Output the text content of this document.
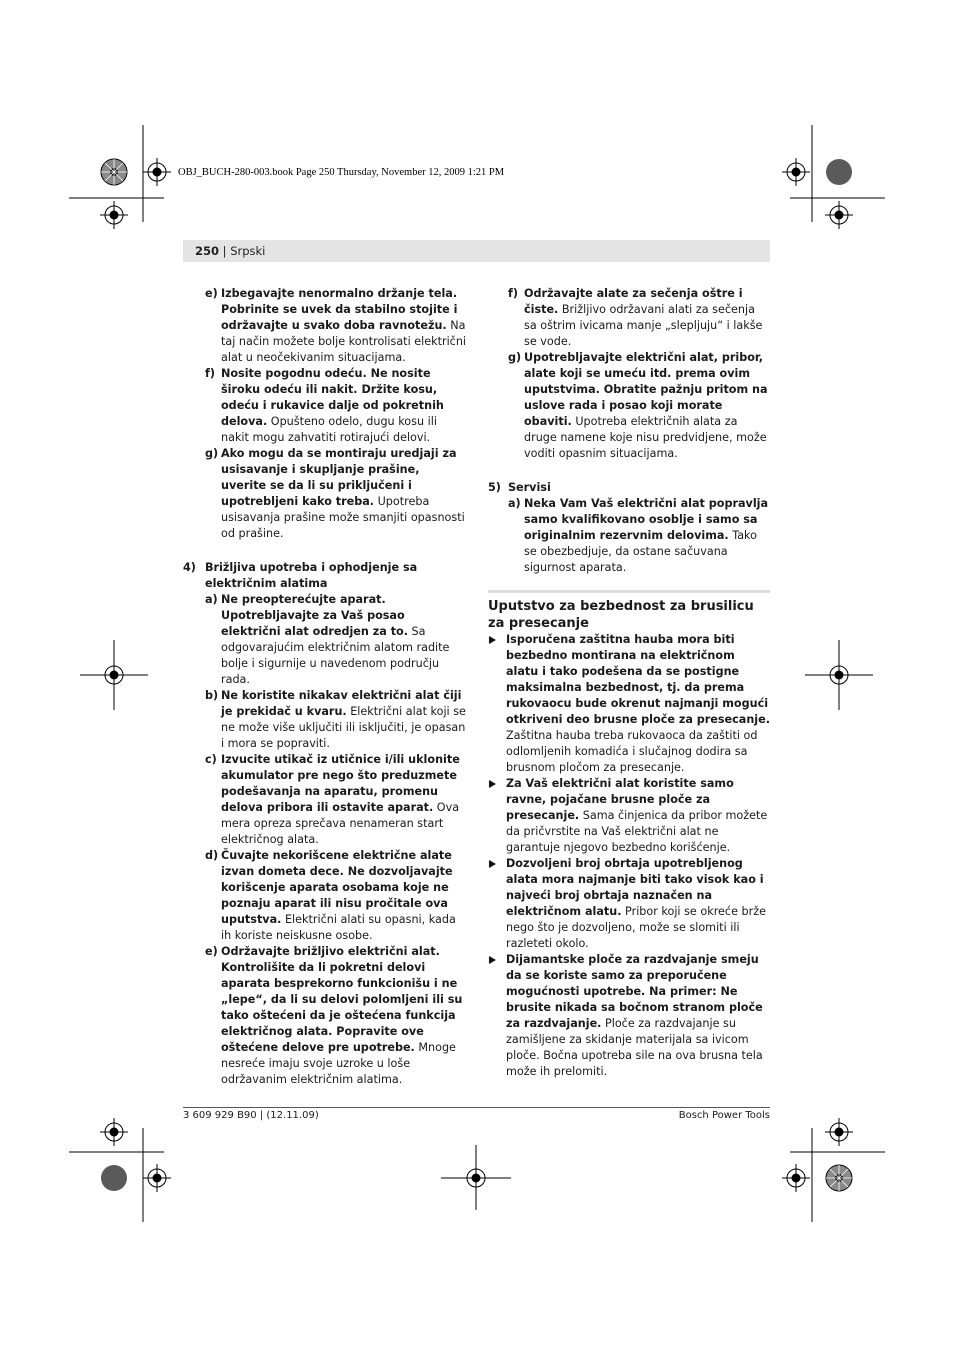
OBJ_BUCH-280-003.book Page 250 Thursday, November 12, 2009 1:21 PM
250 | Srpski
e) Izbegavajte nenormalno držanje tela. Pobrinite se uvek da stabilno stojite i održavajte u svako doba ravnotežu. Na taj način možete bolje kontrolisati električni alat u neočekivanim situacijama.
f) Nosite pogodnu odeću. Ne nosite široku odeću ili nakit. Držite kosu, odeću i rukavice dalje od pokretnih delova. Opušteno odelo, dugu kosu ili nakit mogu zahvatiti rotirajući delovi.
g) Ako mogu da se montiraju uredjaji za usisavanje i skupljanje prašine, uverite se da li su priključeni i upotrebljeni kako treba. Upotreba usisavanja prašine može smanjiti opasnosti od prašine.
4) Brižljiva upotreba i ophodjenje sa električnim alatima
a) Ne preopterećujte aparat. Upotrebljavajte za Vaš posao električni alat odredjen za to. Sa odgovarajućim električnim alatom radite bolje i sigurnije u navedenom području rada.
b) Ne koristite nikakav električni alat čiji je prekidač u kvaru. Električni alat koji se ne može više uključiti ili isključiti, je opasan i mora se popraviti.
c) Izvucite utikač iz utičnice i/ili uklonite akumulator pre nego što preduzmete podešavanja na aparatu, promenu delova pribora ili ostavite aparat. Ova mera opreza sprečava nenameran start električnog alata.
d) Čuvajte nekorišcene električne alate izvan dometa dece. Ne dozvoljavajte korišcenje aparata osobama koje ne poznaju aparat ili nisu pročitale ova uputstva. Električni alati su opasni, kada ih koriste neiskusne osobe.
e) Održavajte brižljivo električni alat. Kontrolišite da li pokretni delovi aparata besprekorno funkcionišu i ne „lepe“, da li su delovi polomljeni ili su tako oštećeni da je oštećena funkcija električnog alata. Popravite ove oštećene delove pre upotrebe. Mnoge nesreće imaju svoje uzroke u loše održavanim električnim alatima.
f) Održavajte alate za sečenja oštre i čiste. Brižljivo održavani alati za sečenja sa oštrim ivicama manje „slepljuju“ i lakše se vode.
g) Upotrebljavajte električni alat, pribor, alate koji se umeću itd. prema ovim uputstvima. Obratite pažnju pritom na uslove rada i posao koji morate obaviti. Upotreba električnih alata za druge namene koje nisu predvidjene, može voditi opasnim situacijama.
5) Servisi
a) Neka Vam Vaš električni alat popravlja samo kvalifikovano osoblje i samo sa originalnim rezervnim delovima. Tako se obezbedjuje, da ostane sačuvana sigurnost aparata.
Uputstvo za bezbednost za brusilicu za presecanje
Isporučena zaštitna hauba mora biti bezbedno montirana na električnom alatu i tako podešena da se postigne maksimalna bezbednost, tj. da prema rukovaocu bude okrenut najmanji mogući otkriveni deo brusne ploče za presecanje. Zaštitna hauba treba rukovaoca da zaštiti od odlomljenih komadića i slučajnog dodira sa brusnom pločom za presecanje.
Za Vaš električni alat koristite samo ravne, pojačane brusne ploče za presecanje. Sama činjenica da pribor možete da pričvrstite na Vaš električni alat ne garantuje njegovo bezbedno korišćenje.
Dozvoljeni broj obrtaja upotrebljenog alata mora najmanje biti tako visok kao i najveći broj obrtaja naznačen na električnom alatu. Pribor koji se okreće brže nego što je dozvoljeno, može se slomiti ili razleteti okolo.
Dijamantske ploče za razdvajanje smeju da se koriste samo za preporučene mogućnosti upotrebe. Na primer: Ne brusite nikada sa bočnom stranom ploče za razdvajanje. Ploče za razdvajanje su zamišljene za skidanje materijala sa ivicom ploče. Bočna upotreba sile na ova brusna tela može ih prelomiti.
3 609 929 B90 | (12.11.09)	Bosch Power Tools
